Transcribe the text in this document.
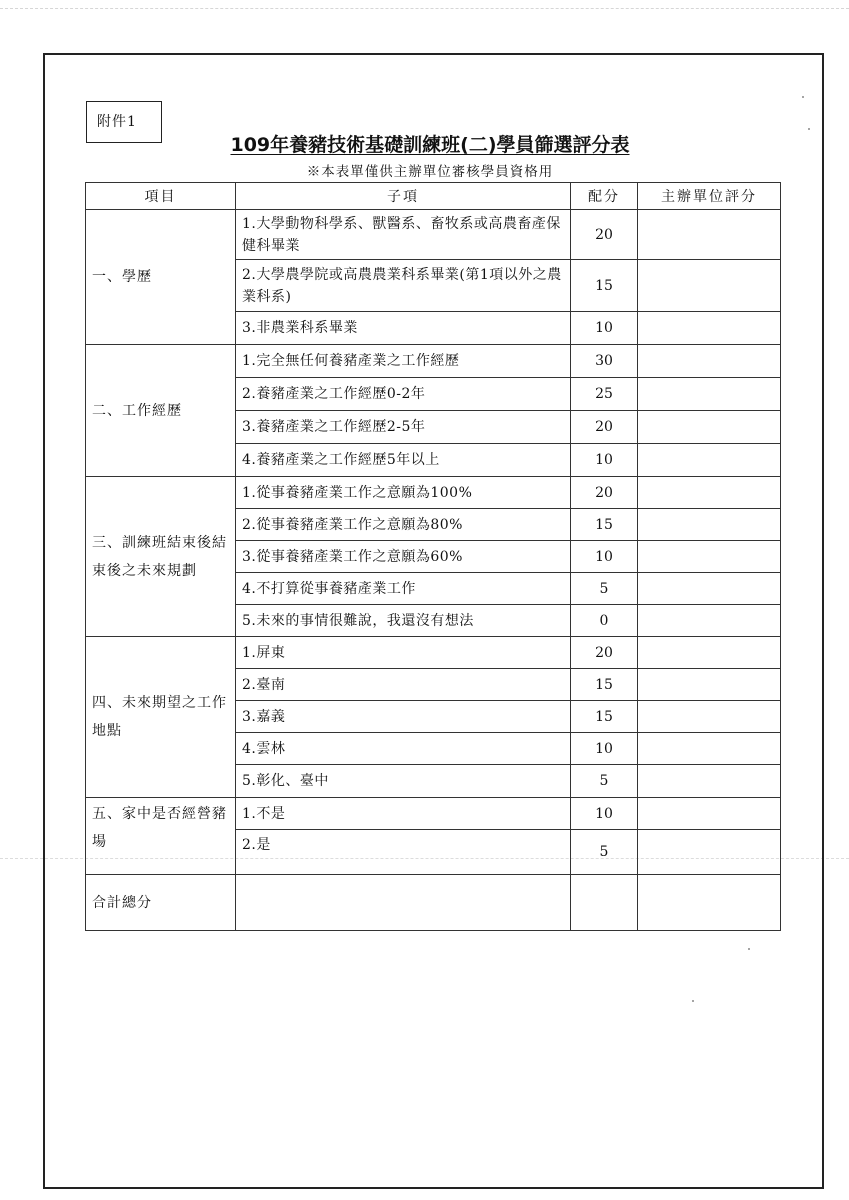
附件1
109年養豬技術基礎訓練班(二)學員篩選評分表
※本表單僅供主辦單位審核學員資格用
項目	子項	配分	主辦單位評分
一、學歷	1.大學動物科學系、獸醫系、畜牧系或高農畜產保健科畢業	20	
	2.大學農學院或高農農業科系畢業(第1項以外之農業科系)	15	
	3.非農業科系畢業	10	
二、工作經歷	1.完全無任何養豬產業之工作經歷	30	
	2.養豬產業之工作經歷0-2年	25	
	3.養豬產業之工作經歷2-5年	20	
	4.養豬產業之工作經歷5年以上	10	
三、訓練班結束後結束後之未來規劃	1.從事養豬產業工作之意願為100%	20	
	2.從事養豬產業工作之意願為80%	15	
	3.從事養豬產業工作之意願為60%	10	
	4.不打算從事養豬產業工作	5	
	5.未來的事情很難說，我還沒有想法	0	
四、未來期望之工作地點	1.屏東	20	
	2.臺南	15	
	3.嘉義	15	
	4.雲林	10	
	5.彰化、臺中	5	
五、家中是否經營豬場	1.不是	10	
	2.是	5	
合計總分			
